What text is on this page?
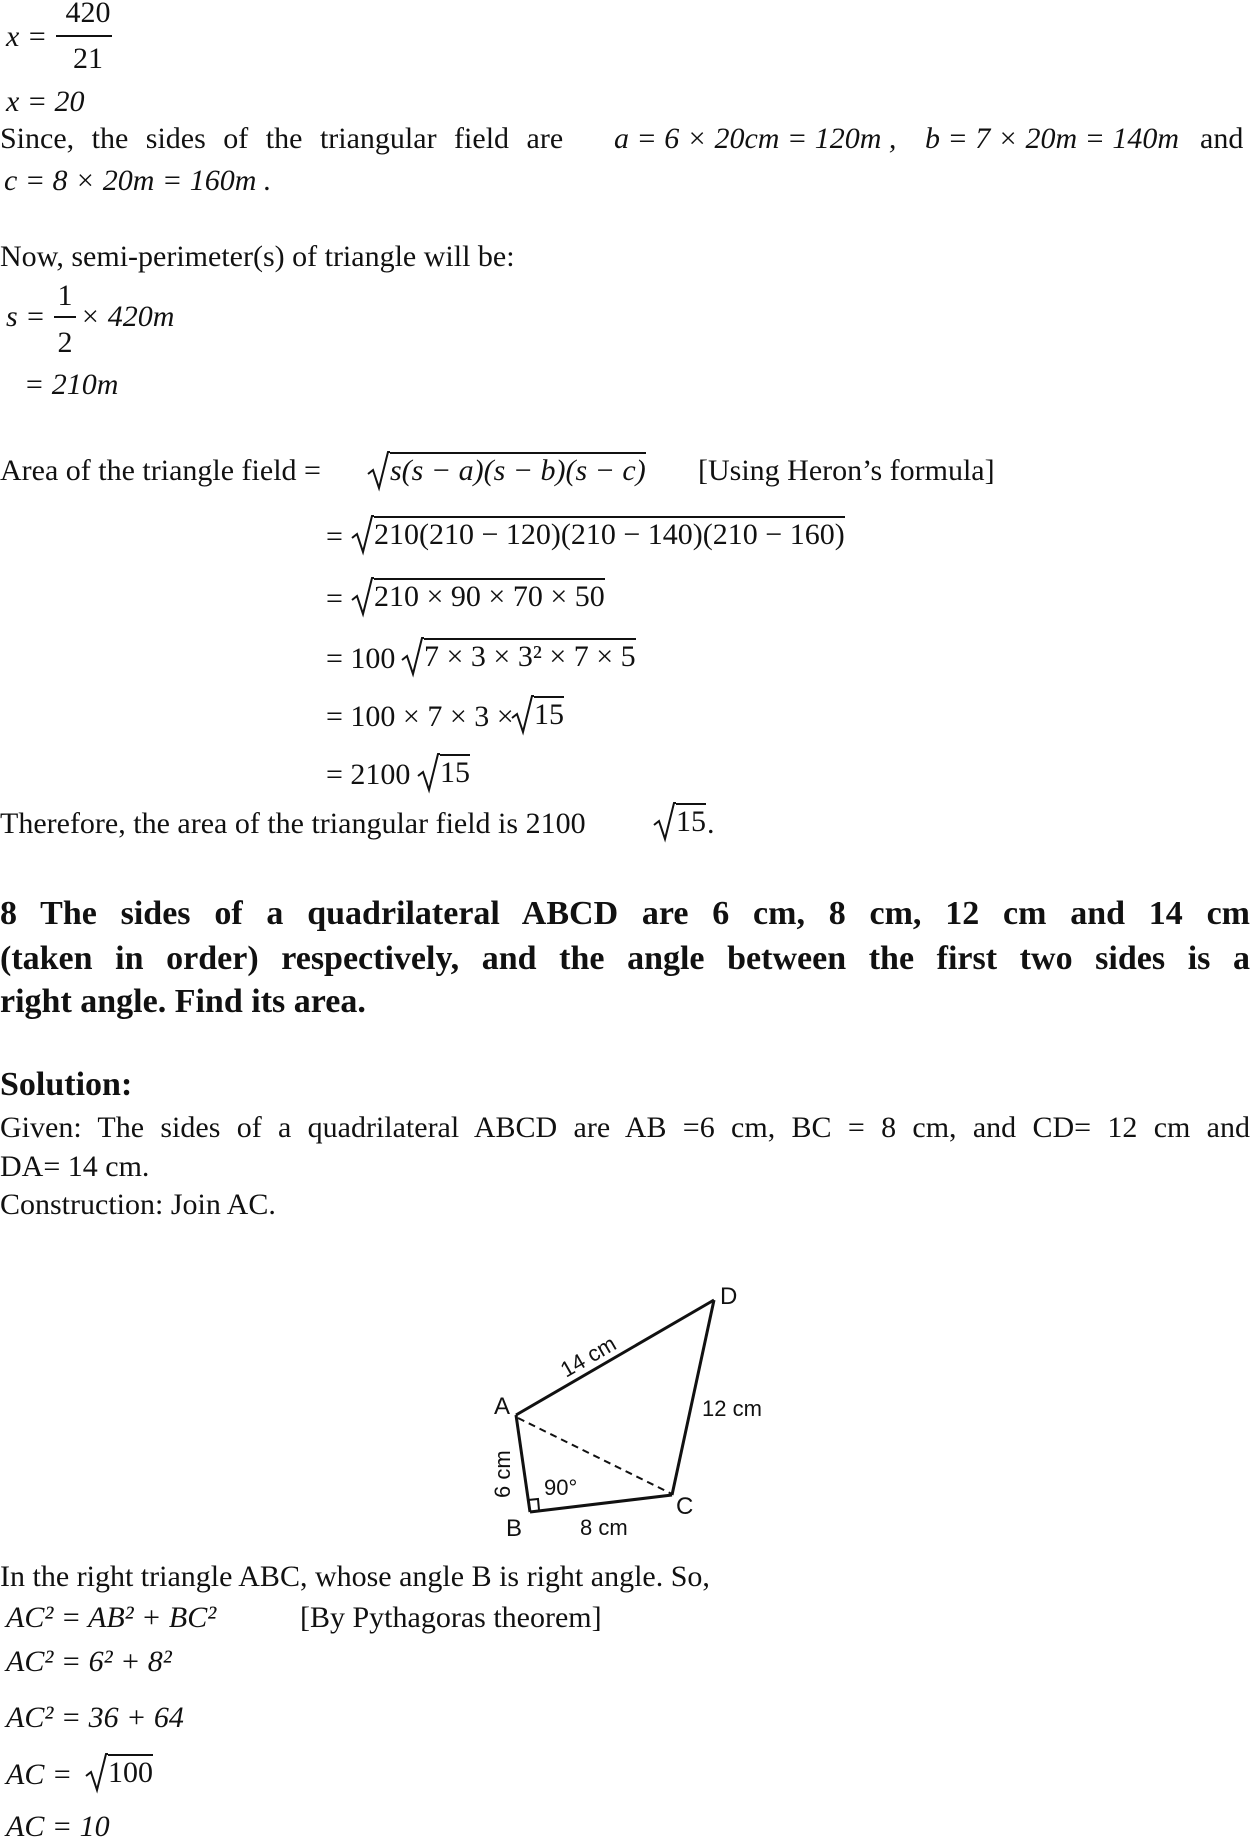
x =
420
21
x = 20
Since, the sides of the triangular field are a = 6 × 20cm = 120m , b = 7 × 20m = 140m and
c = 8 × 20m = 160m .
Now, semi-perimeter(s) of triangle will be:
s =
1
2
× 420m
= 210m
Area of the triangle field =	s(s − a)(s − b)(s − c) [Using Heron’s formula]
=	210(210 − 120)(210 − 140)(210 − 160)
=	210 × 90 × 70 × 50
= 100 7 × 3 × 3² × 7 × 5
= 100 × 7 × 3 × 15
= 2100 15
Therefore, the area of the triangular field is 2100	15 .
8 The sides of a quadrilateral ABCD are 6 cm, 8 cm, 12 cm and 14 cm
(taken in order) respectively, and the angle between the first two sides is a
right angle. Find its area.
Solution:
Given: The sides of a quadrilateral ABCD are AB =6 cm, BC = 8 cm, and CD= 12 cm and
DA= 14 cm.
Construction: Join AC.
A
B
C
D
14 cm
12 cm
6 cm
8 cm
90°
In the right triangle ABC, whose angle B is right angle. So,
AC² = AB² + BC²	[By Pythagoras theorem]
AC² = 6² + 8²
AC² = 36 + 64
AC =	100
AC = 10
